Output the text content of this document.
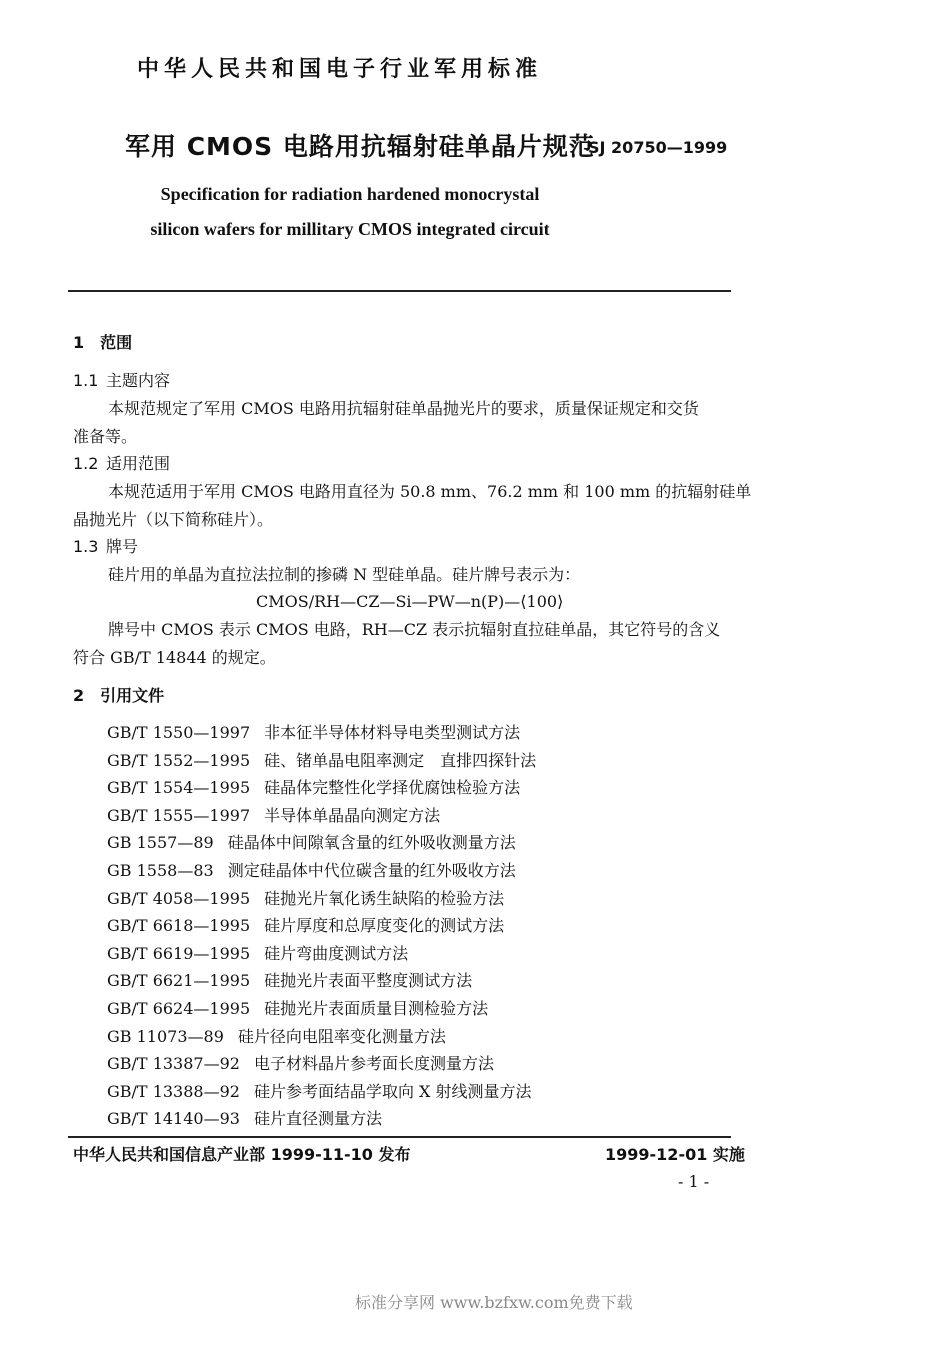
中华人民共和国电子行业军用标准
军用 CMOS 电路用抗辐射硅单晶片规范
SJ 20750—1999
Specification for radiation hardened monocrystal
silicon wafers for millitary CMOS integrated circuit
1　范围
1.1 主题内容
本规范规定了军用 CMOS 电路用抗辐射硅单晶抛光片的要求，质量保证规定和交货
准备等。
1.2 适用范围
本规范适用于军用 CMOS 电路用直径为 50.8 mm、76.2 mm 和 100 mm 的抗辐射硅单
晶抛光片（以下简称硅片）。
1.3 牌号
硅片用的单晶为直拉法拉制的掺磷 N 型硅单晶。硅片牌号表示为：
CMOS/RH—CZ—Si—PW—n(P)—⟨100⟩
牌号中 CMOS 表示 CMOS 电路，RH—CZ 表示抗辐射直拉硅单晶，其它符号的含义
符合 GB/T 14844 的规定。
2　引用文件
GB/T 1550—1997 非本征半导体材料导电类型测试方法
GB/T 1552—1995 硅、锗单晶电阻率测定　直排四探针法
GB/T 1554—1995 硅晶体完整性化学择优腐蚀检验方法
GB/T 1555—1997 半导体单晶晶向测定方法
GB 1557—89 硅晶体中间隙氧含量的红外吸收测量方法
GB 1558—83 测定硅晶体中代位碳含量的红外吸收方法
GB/T 4058—1995 硅抛光片氧化诱生缺陷的检验方法
GB/T 6618—1995 硅片厚度和总厚度变化的测试方法
GB/T 6619—1995 硅片弯曲度测试方法
GB/T 6621—1995 硅抛光片表面平整度测试方法
GB/T 6624—1995 硅抛光片表面质量目测检验方法
GB 11073—89 硅片径向电阻率变化测量方法
GB/T 13387—92 电子材料晶片参考面长度测量方法
GB/T 13388—92 硅片参考面结晶学取向 X 射线测量方法
GB/T 14140—93 硅片直径测量方法
中华人民共和国信息产业部 1999-11-10 发布	1999-12-01 实施
- 1 -
标准分享网 www.bzfxw.com免费下载
